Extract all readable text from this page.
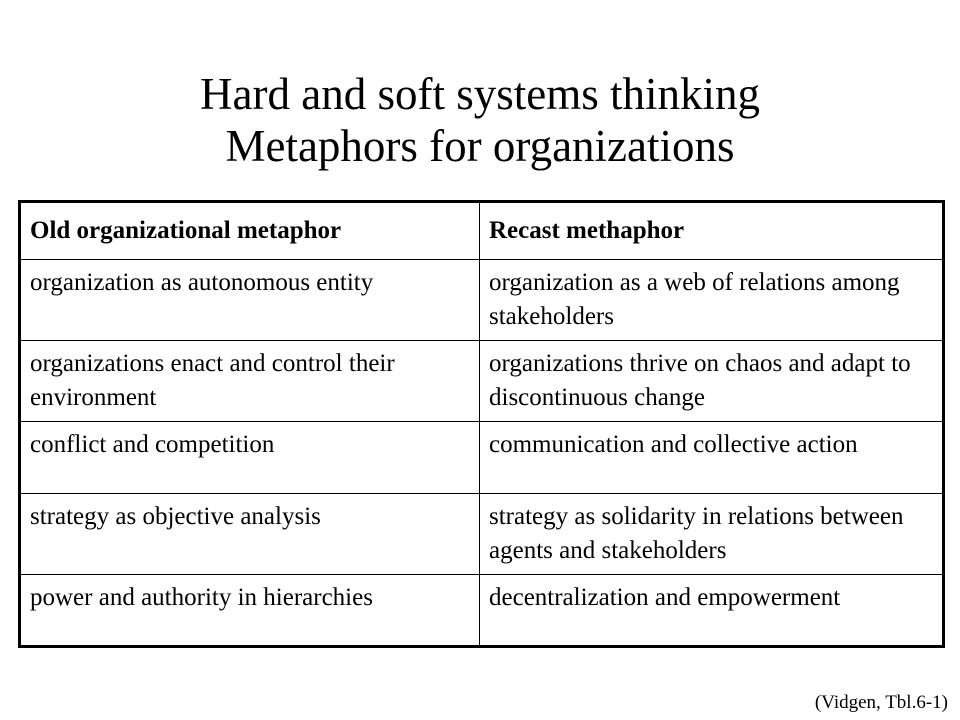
Hard and soft systems thinking
Metaphors for organizations
Old organizational metaphor	Recast methaphor
organization as autonomous entity	organization as a web of relations among stakeholders
organizations enact and control their environment	organizations thrive on chaos and adapt to discontinuous change
conflict and competition	communication and collective action
strategy as objective analysis	strategy as solidarity in relations between agents and stakeholders
power and authority in hierarchies	decentralization and empowerment
(Vidgen, Tbl.6-1)
